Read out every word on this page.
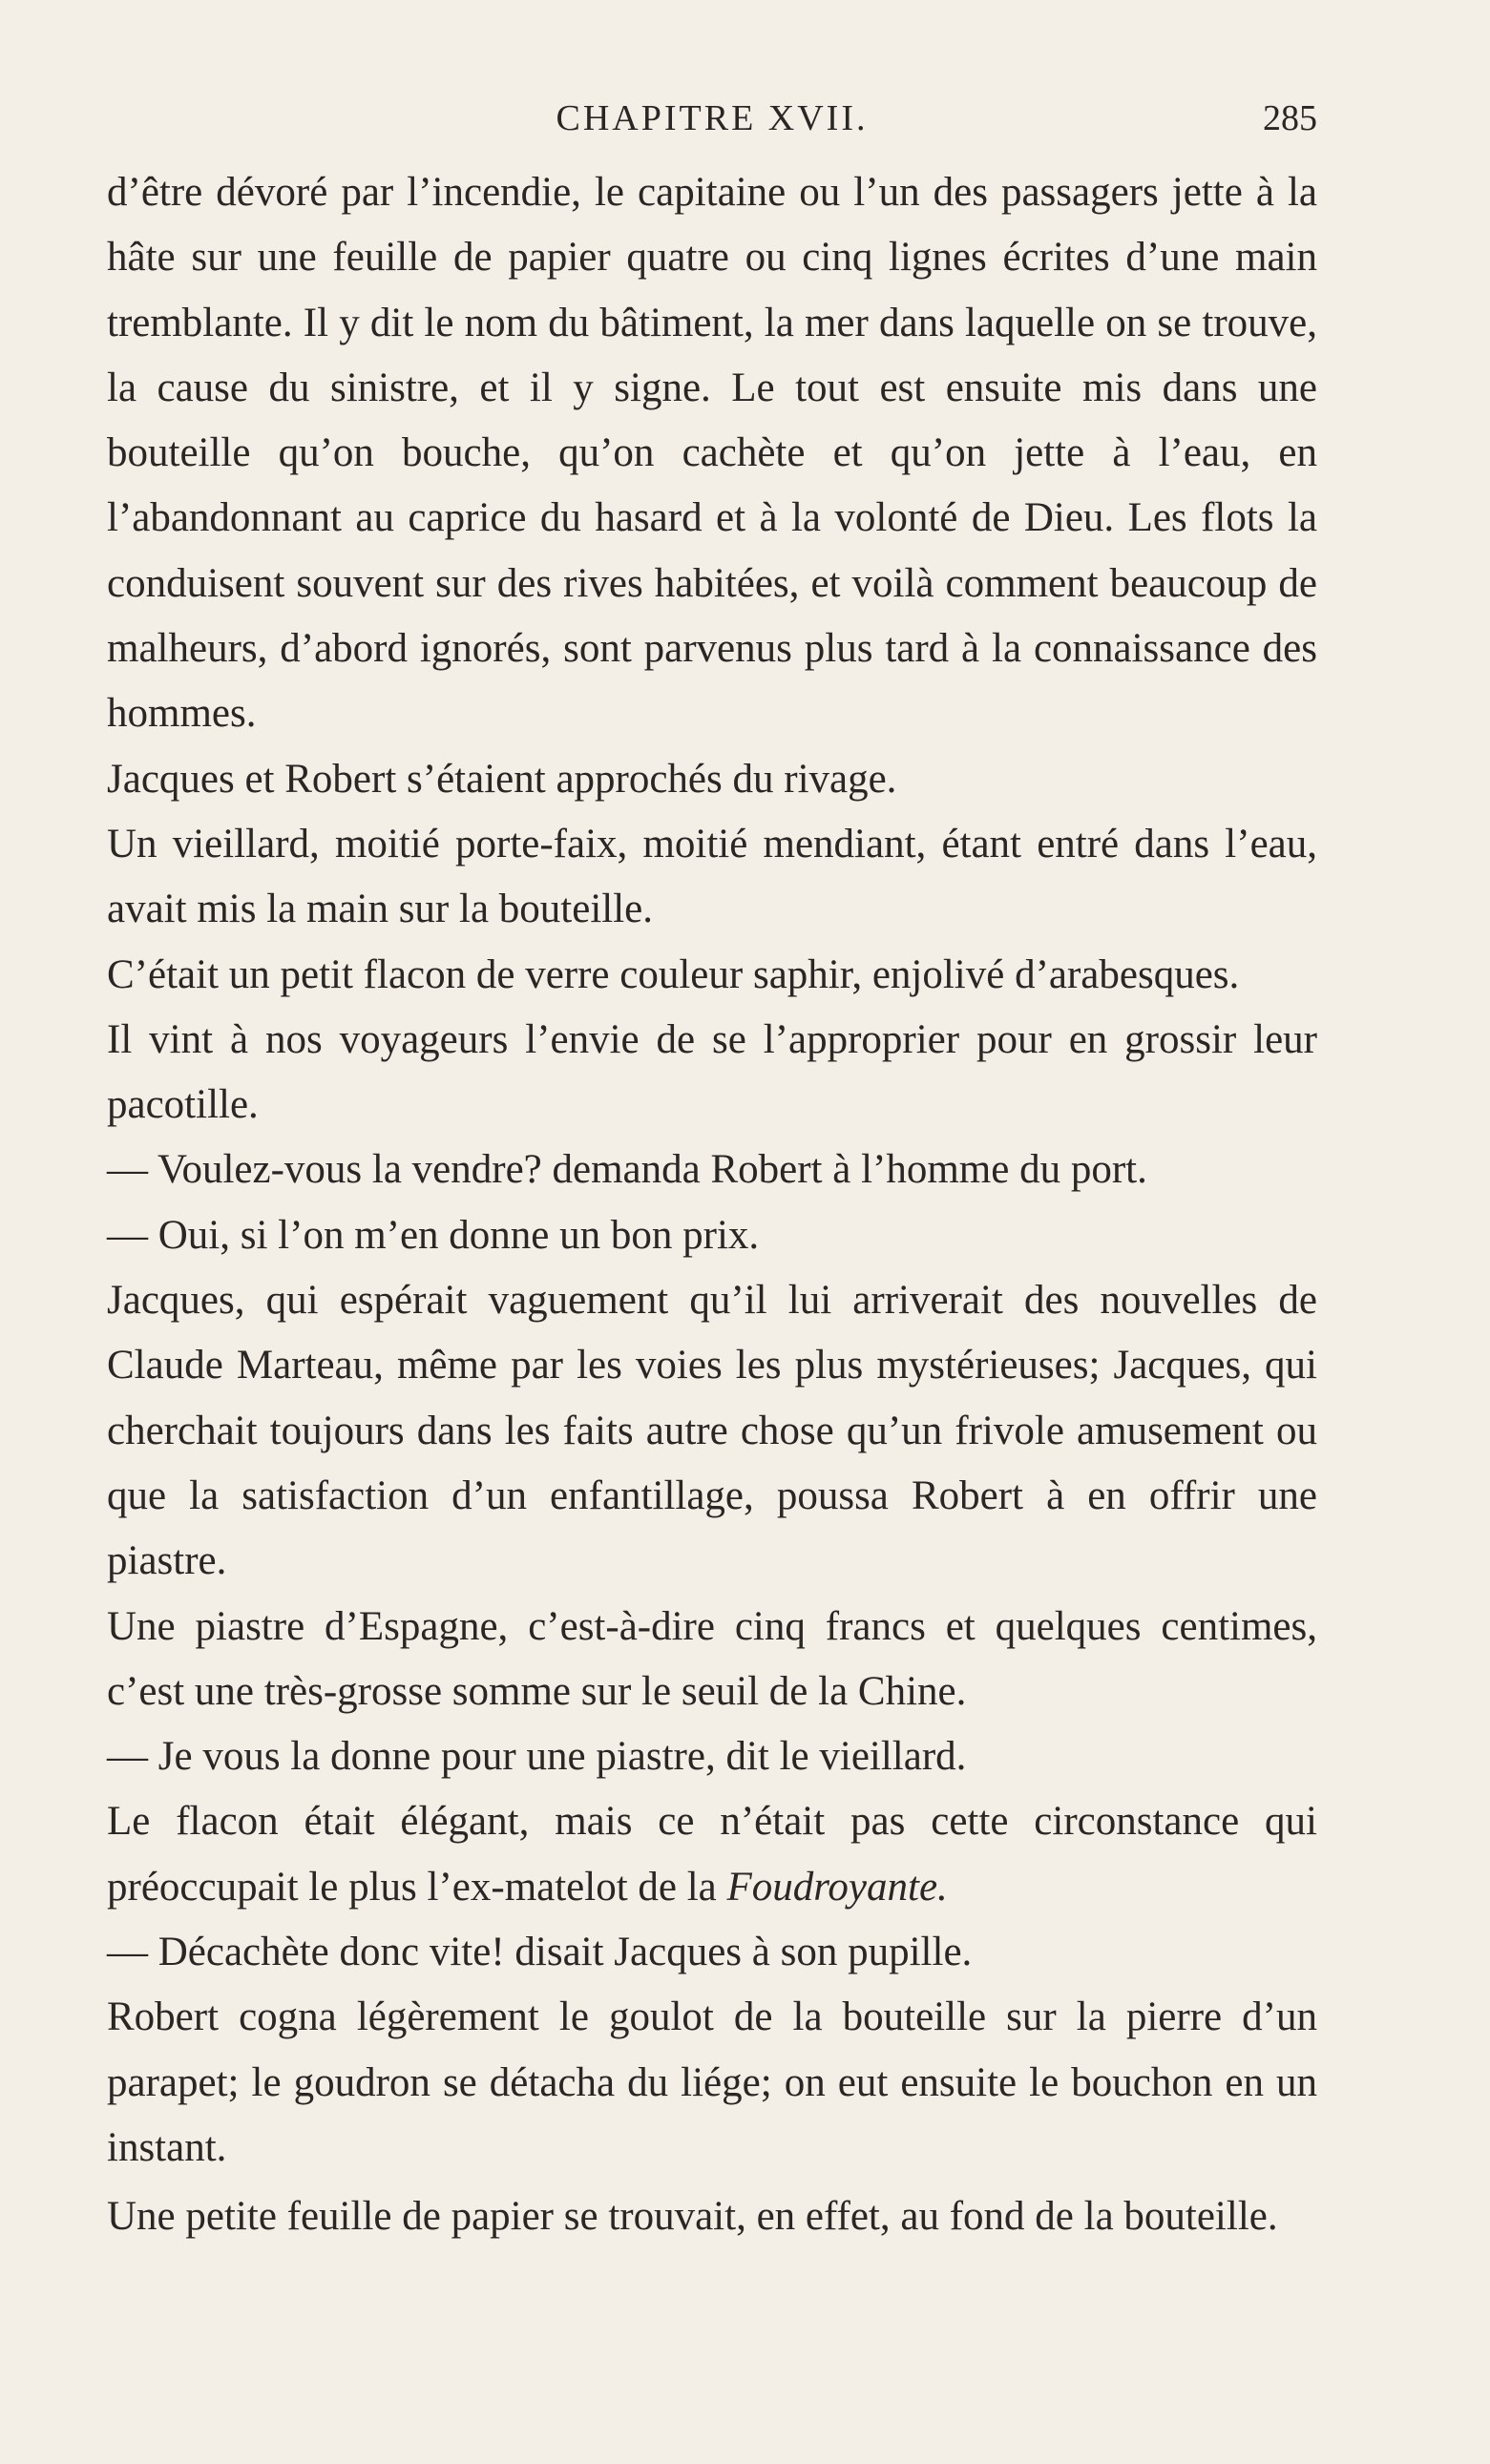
CHAPITRE XVII.	285

d’être dévoré par l’incendie, le capitaine ou l’un des passagers jette à la hâte sur une feuille de papier quatre ou cinq lignes écrites d’une main tremblante. Il y dit le nom du bâtiment, la mer dans laquelle on se trouve, la cause du sinistre, et il y signe. Le tout est ensuite mis dans une bouteille qu’on bouche, qu’on cachète et qu’on jette à l’eau, en l’abandonnant au caprice du hasard et à la volonté de Dieu. Les flots la conduisent souvent sur des rives habitées, et voilà comment beaucoup de malheurs, d’abord ignorés, sont parvenus plus tard à la connaissance des hommes.

Jacques et Robert s’étaient approchés du rivage.

Un vieillard, moitié porte-faix, moitié mendiant, étant entré dans l’eau, avait mis la main sur la bouteille.

C’était un petit flacon de verre couleur saphir, enjolivé d’arabesques.

Il vint à nos voyageurs l’envie de se l’approprier pour en grossir leur pacotille.

— Voulez-vous la vendre? demanda Robert à l’homme du port.

— Oui, si l’on m’en donne un bon prix.

Jacques, qui espérait vaguement qu’il lui arriverait des nouvelles de Claude Marteau, même par les voies les plus mystérieuses; Jacques, qui cherchait toujours dans les faits autre chose qu’un frivole amusement ou que la satisfaction d’un enfantillage, poussa Robert à en offrir une piastre.

Une piastre d’Espagne, c’est-à-dire cinq francs et quelques centimes, c’est une très-grosse somme sur le seuil de la Chine.

— Je vous la donne pour une piastre, dit le vieillard.

Le flacon était élégant, mais ce n’était pas cette circonstance qui préoccupait le plus l’ex-matelot de la Foudroyante.

— Décachète donc vite! disait Jacques à son pupille.

Robert cogna légèrement le goulot de la bouteille sur la pierre d’un parapet; le goudron se détacha du liége; on eut ensuite le bouchon en un instant.

Une petite feuille de papier se trouvait, en effet, au fond de la bouteille.
